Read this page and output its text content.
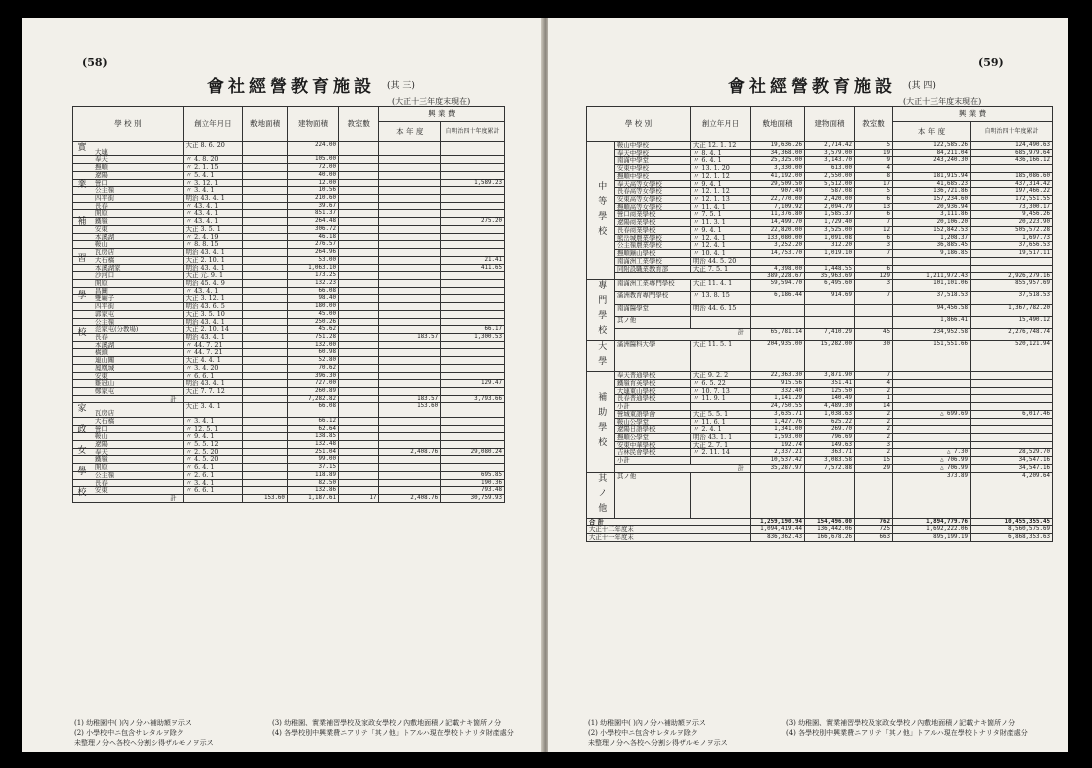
(58)
會社經營教育施設 (其 三)
(大正十三年度末現在)
學 校 別	創立年月日	敷地面積	建物面積	教室數	興 業 費	
					本 年 度	自明治四十年度累計

實業補習學校 大連	大正 8. 6. 20		224.00			
奉天	〃 4. 8. 20		105.00			
撫順	〃 2. 1. 15		72.00			
遼陽	〃 5. 4. 1		40.00			
營口	〃 3. 12. 1		12.00			1,589.23
公主嶺	〃 3. 4. 1		10.56			
四平街	明治 43. 4. 1		210.60			
長春	〃 43. 4. 1		39.67			
開原	〃 43. 4. 1		851.37			
鐵嶺	〃 43. 4. 1		264.48			275.20
安東	大正 3. 5. 1		306.72			
本溪湖	〃 2. 4. 19		46.18			
鞍山	〃 8. 8. 15		276.57			
瓦房店	明治 43. 4. 1		264.96			
大石橋	大正 2. 10. 1		53.00			21.41
本溪湖家	明治 43. 4. 1		1,063.10			411.65
沙河口	大正 元. 9. 1		173.25			
開原	明治 45. 4. 9		132.23			
昌圖	〃 43. 4. 1		66.08			
雙廟子	大正 3. 12. 1		98.40			
四平街	明治 43. 6. 5		180.00			
郭家屯	大正 3. 5. 10		45.00			
公主嶺	明治 43. 4. 1		250.26			
范家屯(分教場)	大正 2. 10. 14		45.62			66.17
長春	明治 43. 4. 1		751.28		183.57	1,300.53
本溪湖	〃 44. 7. 21		132.00			
橋頭	〃 44. 7. 21		60.98			
連山關	大正 4. 4. 1		52.80			
鳳凰城	〃 3. 4. 20		70.62			
安東	〃 6. 6. 1		396.30			
雞冠山	明治 43. 4. 1		727.00			129.47
鄭家屯	大正 7. 7. 12		260.89			
計			7,282.82		183.57	3,793.66

家政女學校 瓦房店	大正 3. 4. 1		66.08		153.60	
大石橋	〃 3. 4. 1		66.12			
營口	〃 12. 5. 1		62.64			
鞍山	〃 9. 4. 1		138.85			
遼陽	〃 5. 5. 12		132.48			
奉天	〃 2. 5. 20		251.04		2,408.76	29,080.24
鐵嶺	〃 4. 5. 20		99.00			
開原	〃 6. 4. 1		37.15			
公主嶺	〃 2. 6. 1		118.89			695.85
長春	〃 3. 4. 1		82.50			190.36
安東	〃 6. 6. 1		132.86			793.48
計		153.60	1,187.61	17	2,408.76	30,759.93
(1) 幼稚園中( )內ノ分ハ補助額ヲ示ス
(2) 小學校中ニ包含サレタルヲ除ク
未整理ノ分ヘ各校ヘ分割シ得ザルモノヲ示ス
(3) 幼稚園、實業補習學校及家政女學校ノ內敷地面積ノ記載ナキ箇所ノ分
(4) 各學校別中興業費ニアリテ「其ノ他」トアルハ現在學校トナリタ財產處分
(59)
會社經營教育施設 (其 四)
(大正十三年度末現在)
學 校 別		創立年月日	敷地面積	建物面積	教室數	興 業 費	
						本 年 度	自明治四十年度累計
中等學校	鞍山中學校	大正 12. 1. 12	19,636.26	2,714.42	5	122,585.26	124,490.63
	奉天中學校	〃 8. 4. 1	34,368.00	3,579.00	19	84,211.04	685,979.64
	南滿中學堂	〃 6. 4. 1	25,325.00	3,143.70	9	243,240.30	436,166.12
	安東中學校	〃 13. 1. 20	3,330.00	613.00	4		
	撫順中學校	〃 12. 1. 12	41,192.00	2,550.00	8	181,915.94	185,086.60
	奉天高等女學校	〃 9. 4. 1	29,509.50	5,512.00	17	41,685.23	437,314.42
	長春高等女學校	〃 12. 1. 12	907.49	587.08	5	136,721.86	197,466.22
	安東高等女學校	〃 12. 1. 13	22,770.00	2,420.00	6	157,234.60	172,551.55
	撫順高等女學校	〃 11. 4. 1	7,109.92	2,094.79	13	20,936.94	73,300.17
	營口商業學校	〃 7. 5. 1	11,376.80	1,585.37	6	3,111.86	9,456.26
	遼陽商業學校	〃 11. 3. 1	14,499.70	1,729.40	7	20,106.20	20,223.90
	長春商業學校	〃 9. 4. 1	22,820.00	3,525.00	12	152,842.53	505,572.28
	熊岳城農業學校	〃 12. 4. 1	133,080.00	1,091.08	6	1,208.37	1,697.73
	公主嶺農業學校	〃 12. 4. 1	3,252.20	312.20	3	36,885.45	37,656.53
	撫順鑛山學校	〃 10. 4. 1	14,753.70	1,019.10	7	9,186.85	19,517.11
	南滿洲工業學校	明治 44. 5. 20					
	同附設職業教育部	大正 7. 5. 1	4,398.00	1,448.55	6		
			389,228.67	35,963.69	129	1,211,972.43	2,926,279.16
專門學校	南滿洲工業專門學校	大正 11. 4. 1	59,594.70	6,495.60	3	101,101.06	855,957.69
	滿洲教育專門學校	〃 13. 8. 15	6,186.44	914.69	7	37,518.53	37,518.53
	南滿醫學堂	明治 44. 6. 15				94,456.58	1,367,782.20
	其ノ他					1,866.41	15,490.12
	計		65,781.14	7,410.29	45	234,952.58	2,276,748.74
大學	滿洲醫科大學	大正 11. 5. 1	204,935.00	15,282.00	30	151,551.66	520,121.94
補助學校	奉天普通學校	大正 9. 2. 2	22,363.30	3,871.90	7		
	鐵嶺育英學校	〃 6. 5. 22	915.56	351.41	4		
	大連東山學校	〃 10. 7. 13	332.40	125.50	2		
	長春普通學校	〃 11. 9. 1	1,141.29	140.49	1		
	小計		24,750.55	4,489.30	14		
	營城東語學會	大正 5. 5. 1	3,635.71	1,038.63	2	△ 699.69	6,017.46
	鞍山公學堂	〃 11. 6. 1	1,427.76	625.22	2		
	遼陽日語學校	〃 2. 4. 1	1,341.00	269.70	2		
	撫順公學堂	明治 43. 1. 1	1,593.00	796.69	2		
	安東中華學校	大正 2. 7. 1	192.74	149.63	3		
	吉林民會學校	〃 2. 11. 14	2,337.21	363.71	2	△ 7.30	28,529.70
	小計		10,537.42	3,083.58	15	△ 706.99	34,547.16
	計		35,287.97	7,572.88	29	△ 706.99	34,547.16
其ノ他	其ノ他					373.89	4,209.64
合 計			1,259,190.94	154,496.00	762	1,894,779.76	10,455,355.45
大正十二年度末			1,094,419.44	136,442.06	725	1,692,222.06	8,560,575.69
大正十一年度末			836,362.43	166,678.26	663	895,199.19	6,868,353.63
(1) 幼稚園中( )內ノ分ハ補助額ヲ示ス
(2) 小學校中ニ包含サレタルヲ除ク
未整理ノ分ヘ各校ヘ分割シ得ザルモノヲ示ス
(3) 幼稚園、實業補習學校及家政女學校ノ內敷地面積ノ記載ナキ箇所ノ分
(4) 各學校別中興業費ニアリテ「其ノ他」トアルハ現在學校トナリタ財產處分
